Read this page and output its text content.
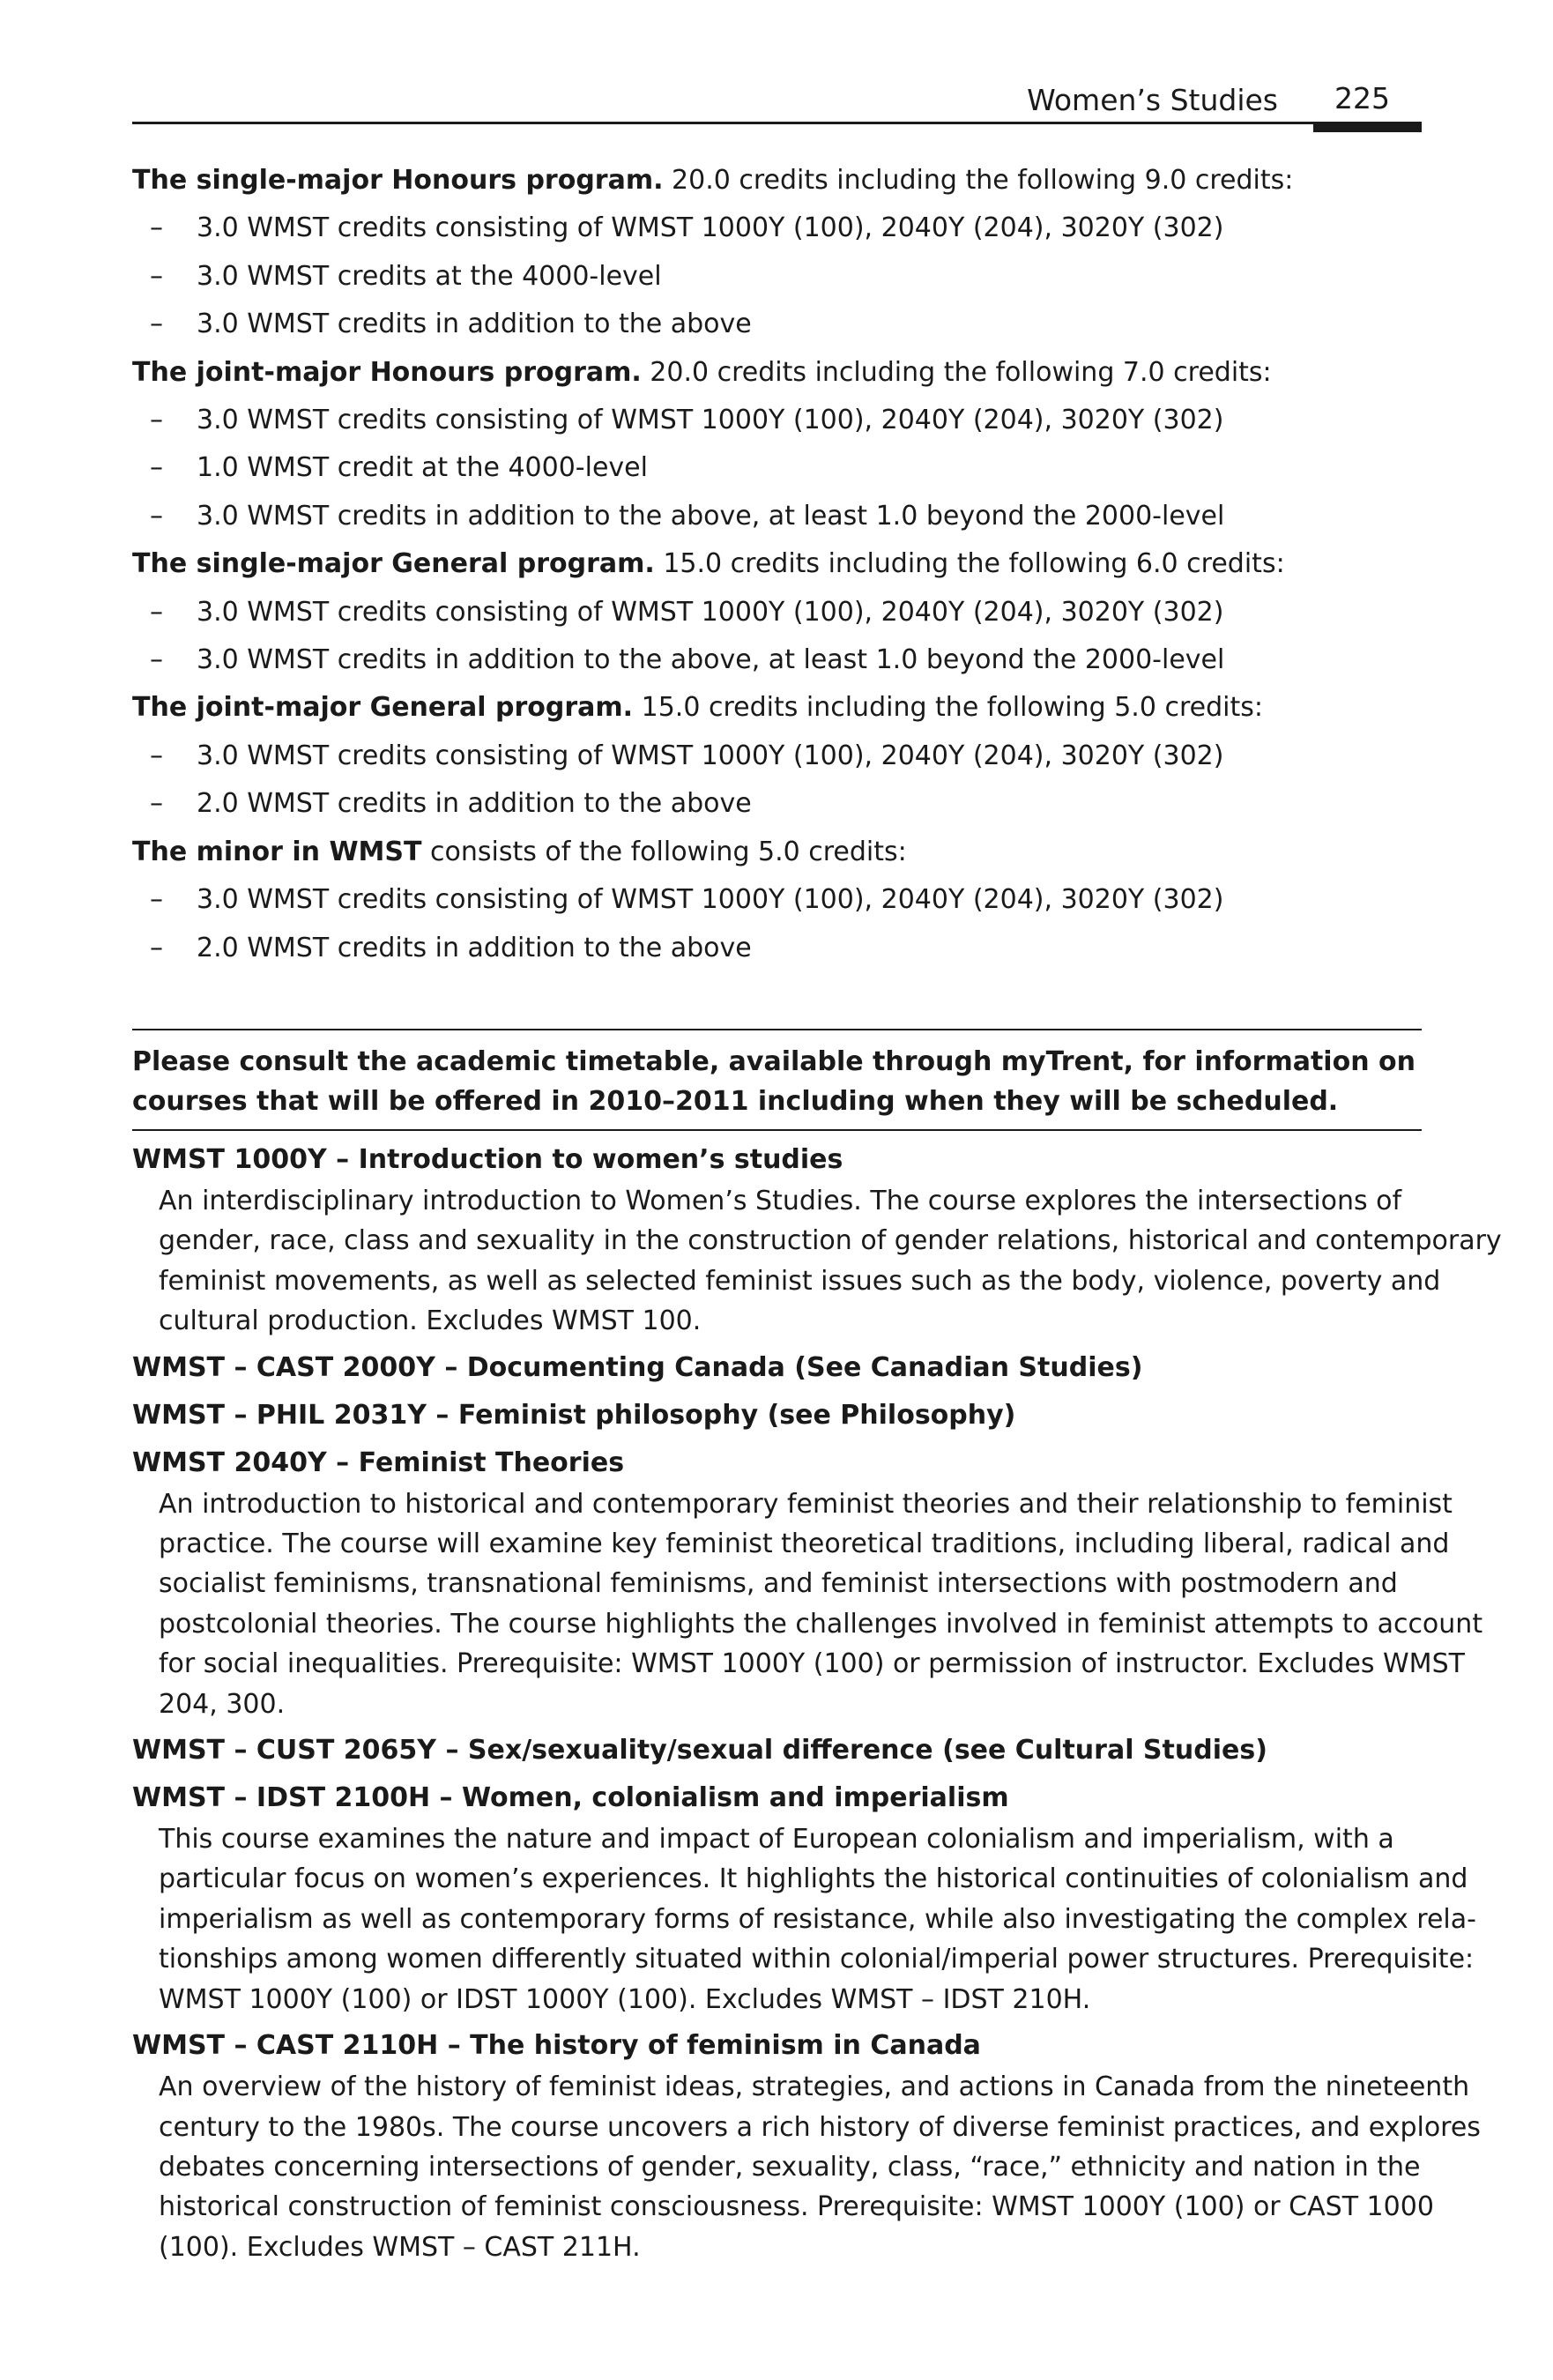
Women’s Studies 225

The single-major Honours program. 20.0 credits including the following 9.0 credits:

– 3.0 WMST credits consisting of WMST 1000Y (100), 2040Y (204), 3020Y (302)
– 3.0 WMST credits at the 4000-level
– 3.0 WMST credits in addition to the above

The joint-major Honours program. 20.0 credits including the following 7.0 credits:

– 3.0 WMST credits consisting of WMST 1000Y (100), 2040Y (204), 3020Y (302)
– 1.0 WMST credit at the 4000-level
– 3.0 WMST credits in addition to the above, at least 1.0 beyond the 2000-level

The single-major General program. 15.0 credits including the following 6.0 credits:

– 3.0 WMST credits consisting of WMST 1000Y (100), 2040Y (204), 3020Y (302)
– 3.0 WMST credits in addition to the above, at least 1.0 beyond the 2000-level

The joint-major General program. 15.0 credits including the following 5.0 credits:

– 3.0 WMST credits consisting of WMST 1000Y (100), 2040Y (204), 3020Y (302)
– 2.0 WMST credits in addition to the above

The minor in WMST consists of the following 5.0 credits:

– 3.0 WMST credits consisting of WMST 1000Y (100), 2040Y (204), 3020Y (302)
– 2.0 WMST credits in addition to the above

Please consult the academic timetable, available through myTrent, for information on

courses that will be offered in 2010–2011 including when they will be scheduled.

WMST 1000Y – Introduction to women’s studies

An interdisciplinary introduction to Women’s Studies. The course explores the intersections of
gender, race, class and sexuality in the construction of gender relations, historical and contemporary
feminist movements, as well as selected feminist issues such as the body, violence, poverty and
cultural production. Excludes WMST 100.

WMST – CAST 2000Y – Documenting Canada (See Canadian Studies)

WMST – PHIL 2031Y – Feminist philosophy (see Philosophy)

WMST 2040Y – Feminist Theories

An introduction to historical and contemporary feminist theories and their relationship to feminist
practice. The course will examine key feminist theoretical traditions, including liberal, radical and
socialist feminisms, transnational feminisms, and feminist intersections with postmodern and
postcolonial theories. The course highlights the challenges involved in feminist attempts to account
for social inequalities. Prerequisite: WMST 1000Y (100) or permission of instructor. Excludes WMST
204, 300.

WMST – CUST 2065Y – Sex/sexuality/sexual difference (see Cultural Studies)

WMST – IDST 2100H – Women, colonialism and imperialism

This course examines the nature and impact of European colonialism and imperialism, with a
particular focus on women’s experiences. It highlights the historical continuities of colonialism and
imperialism as well as contemporary forms of resistance, while also investigating the complex rela-
tionships among women differently situated within colonial/imperial power structures. Prerequisite:
WMST 1000Y (100) or IDST 1000Y (100). Excludes WMST – IDST 210H.

WMST – CAST 2110H – The history of feminism in Canada

An overview of the history of feminist ideas, strategies, and actions in Canada from the nineteenth
century to the 1980s. The course uncovers a rich history of diverse feminist practices, and explores
debates concerning intersections of gender, sexuality, class, “race,” ethnicity and nation in the
historical construction of feminist consciousness. Prerequisite: WMST 1000Y (100) or CAST 1000
(100). Excludes WMST – CAST 211H.
